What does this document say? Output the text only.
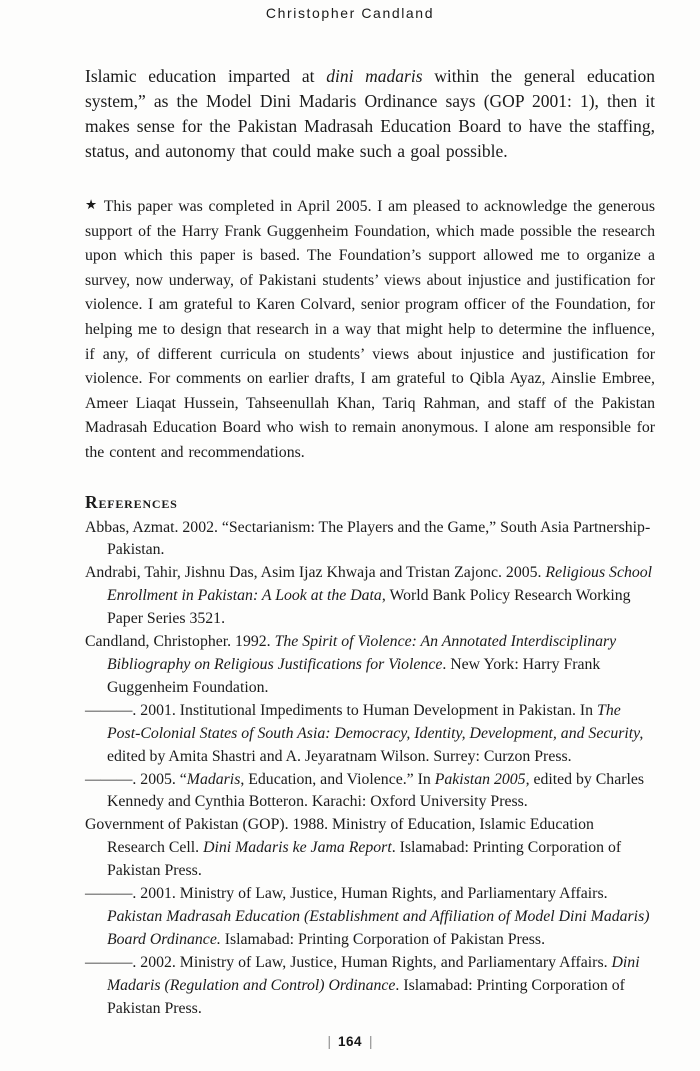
Christopher Candland

Islamic education imparted at dini madaris within the general education system,” as the Model Dini Madaris Ordinance says (GOP 2001: 1), then it makes sense for the Pakistan Madrasah Education Board to have the staffing, status, and autonomy that could make such a goal possible.

★ This paper was completed in April 2005. I am pleased to acknowledge the generous support of the Harry Frank Guggenheim Foundation, which made possible the research upon which this paper is based. The Foundation’s support allowed me to organize a survey, now underway, of Pakistani students’ views about injustice and justification for violence. I am grateful to Karen Colvard, senior program officer of the Foundation, for helping me to design that research in a way that might help to determine the influence, if any, of different curricula on students’ views about injustice and justification for violence. For comments on earlier drafts, I am grateful to Qibla Ayaz, Ainslie Embree, Ameer Liaqat Hussein, Tahseenullah Khan, Tariq Rahman, and staff of the Pakistan Madrasah Education Board who wish to remain anonymous. I alone am responsible for the content and recommendations.

References

Abbas, Azmat. 2002. “Sectarianism: The Players and the Game,” South Asia Partnership-Pakistan.

Andrabi, Tahir, Jishnu Das, Asim Ijaz Khwaja and Tristan Zajonc. 2005. Religious School Enrollment in Pakistan: A Look at the Data, World Bank Policy Research Working Paper Series 3521.

Candland, Christopher. 1992. The Spirit of Violence: An Annotated Interdisciplinary Bibliography on Religious Justifications for Violence. New York: Harry Frank Guggenheim Foundation.

———. 2001. Institutional Impediments to Human Development in Pakistan. In The Post-Colonial States of South Asia: Democracy, Identity, Development, and Security, edited by Amita Shastri and A. Jeyaratnam Wilson. Surrey: Curzon Press.

———. 2005. “Madaris, Education, and Violence.” In Pakistan 2005, edited by Charles Kennedy and Cynthia Botteron. Karachi: Oxford University Press.

Government of Pakistan (GOP). 1988. Ministry of Education, Islamic Education Research Cell. Dini Madaris ke Jama Report. Islamabad: Printing Corporation of Pakistan Press.

———. 2001. Ministry of Law, Justice, Human Rights, and Parliamentary Affairs. Pakistan Madrasah Education (Establishment and Affiliation of Model Dini Madaris) Board Ordinance. Islamabad: Printing Corporation of Pakistan Press.

———. 2002. Ministry of Law, Justice, Human Rights, and Parliamentary Affairs. Dini Madaris (Regulation and Control) Ordinance. Islamabad: Printing Corporation of Pakistan Press.

| 164 |
